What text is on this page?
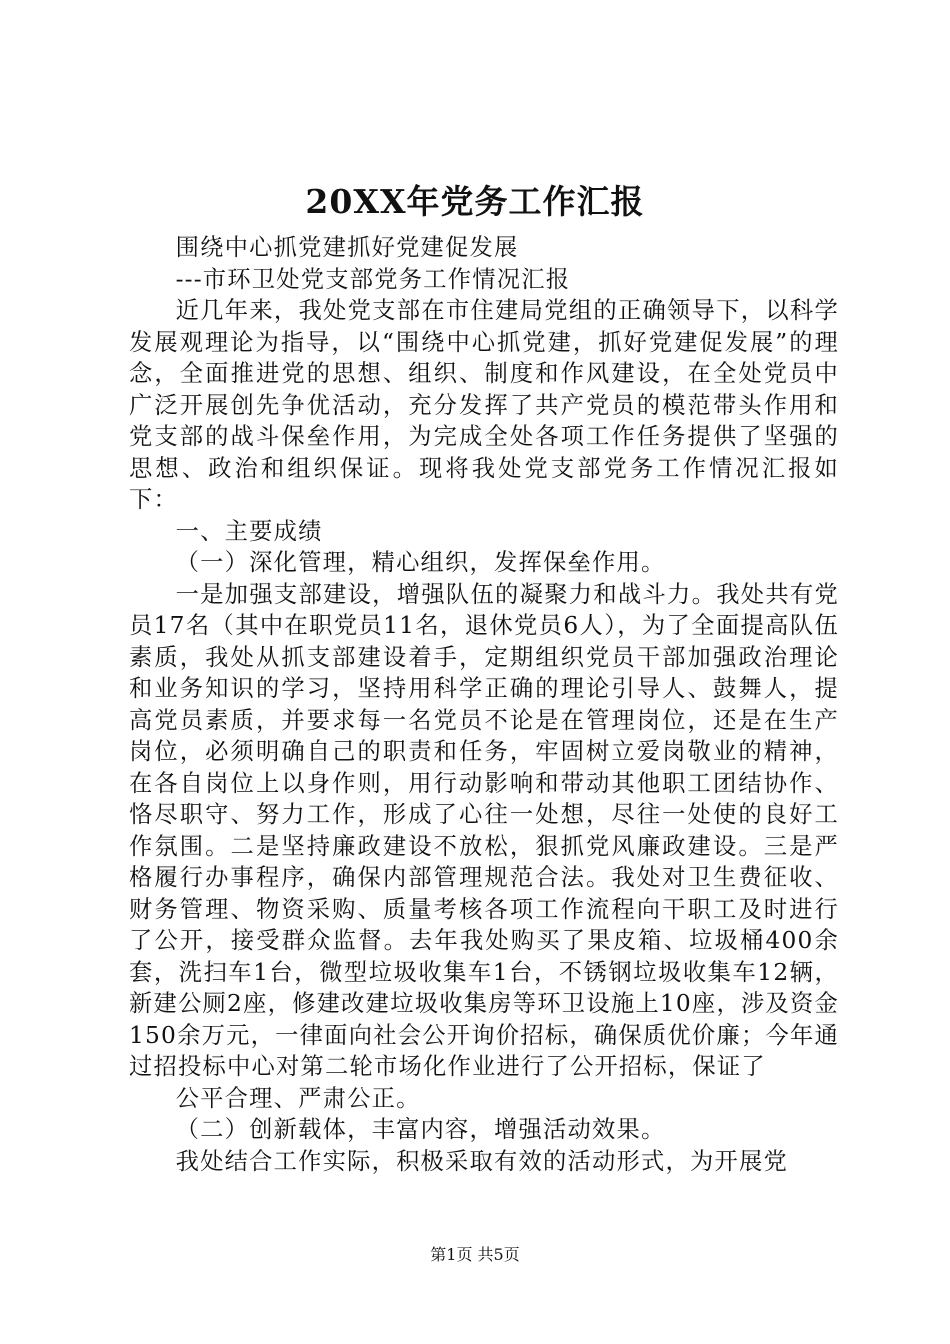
20XX年党务工作汇报

围绕中心抓党建抓好党建促发展

---市环卫处党支部党务工作情况汇报

近几年来，我处党支部在市住建局党组的正确领导下，以科学发展观理论为指导，以“围绕中心抓党建，抓好党建促发展”的理念，全面推进党的思想、组织、制度和作风建设，在全处党员中广泛开展创先争优活动，充分发挥了共产党员的模范带头作用和党支部的战斗保垒作用，为完成全处各项工作任务提供了坚强的思想、政治和组织保证。现将我处党支部党务工作情况汇报如下：

一、主要成绩

（一）深化管理，精心组织，发挥保垒作用。

一是加强支部建设，增强队伍的凝聚力和战斗力。我处共有党员17名（其中在职党员11名，退休党员6人），为了全面提高队伍素质，我处从抓支部建设着手，定期组织党员干部加强政治理论和业务知识的学习，坚持用科学正确的理论引导人、鼓舞人，提高党员素质，并要求每一名党员不论是在管理岗位，还是在生产岗位，必须明确自己的职责和任务，牢固树立爱岗敬业的精神，在各自岗位上以身作则，用行动影响和带动其他职工团结协作、恪尽职守、努力工作，形成了心往一处想，尽往一处使的良好工作氛围。二是坚持廉政建设不放松，狠抓党风廉政建设。三是严格履行办事程序，确保内部管理规范合法。我处对卫生费征收、财务管理、物资采购、质量考核各项工作流程向干职工及时进行了公开，接受群众监督。去年我处购买了果皮箱、垃圾桶400余套，洗扫车1台，微型垃圾收集车1台，不锈钢垃圾收集车12辆，新建公厕2座，修建改建垃圾收集房等环卫设施上10座，涉及资金150余万元，一律面向社会公开询价招标，确保质优价廉；今年通过招投标中心对第二轮市场化作业进行了公开招标，保证了

公平合理、严肃公正。

（二）创新载体，丰富内容，增强活动效果。

我处结合工作实际，积极采取有效的活动形式，为开展党

第1页 共5页
